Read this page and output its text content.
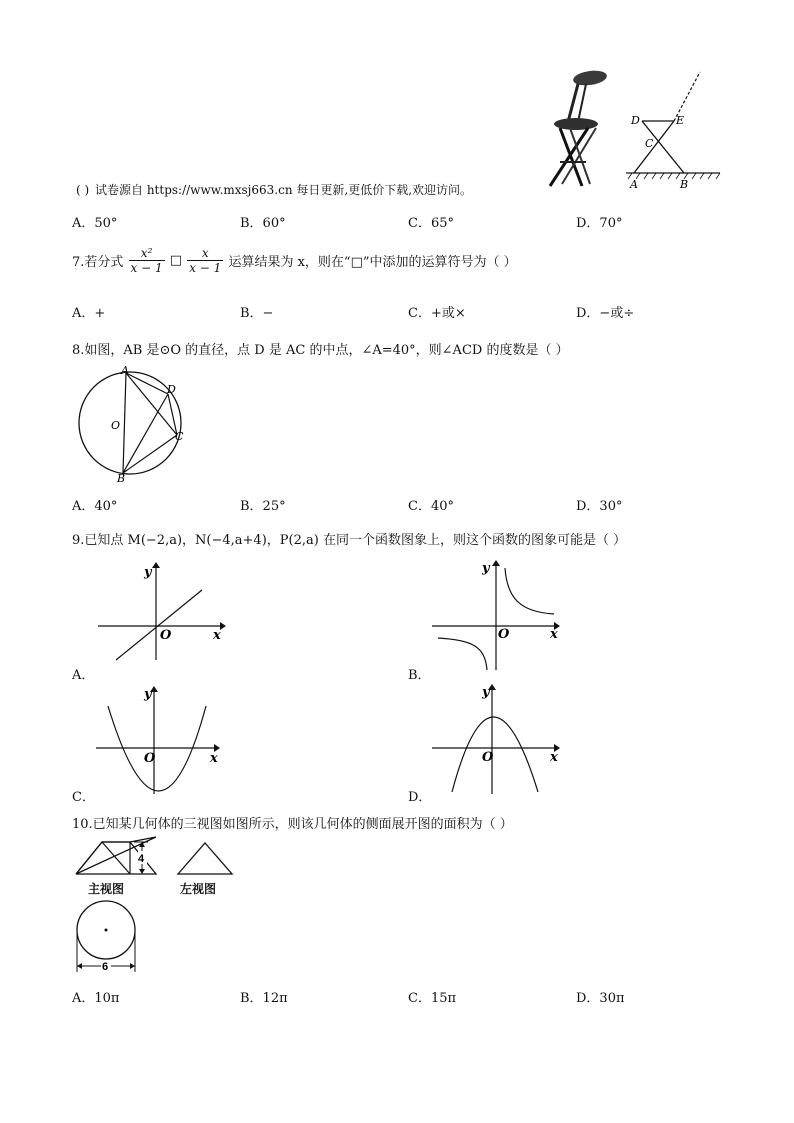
D	E
C
A	B
( ) 试卷源自 https://www.mxsj663.cn 每日更新,更低价下载,欢迎访问。
A．50°	B．60°	C．65°	D．70°
7.若分式 $\frac{\text{x²}}{x - 1}$ □ $\frac{x}{x - 1}$ 运算结果为 x，则在“□”中添加的运算符号为（ ）
A．+	B．−	C．+或×	D．−或÷
8.如图，AB 是⊙O 的直径，点 D 是 AC 的中点，∠A=40°，则∠ACD 的度数是（ ）
A
D
O
C
B
A．40°	B．25°	C．40°	D．30°
9.已知点 M(−2,a)，N(−4,a+4)，P(2,a) 在同一个函数图象上，则这个函数的图象可能是（ ）
y
x
O
A．
y
x
O
B．
y
x
O
C．
y
x
O
D．
10.已知某几何体的三视图如图所示，则该几何体的侧面展开图的面积为（ ）
4
主视图	左视图
6
A．10π	B．12π	C．15π	D．30π
